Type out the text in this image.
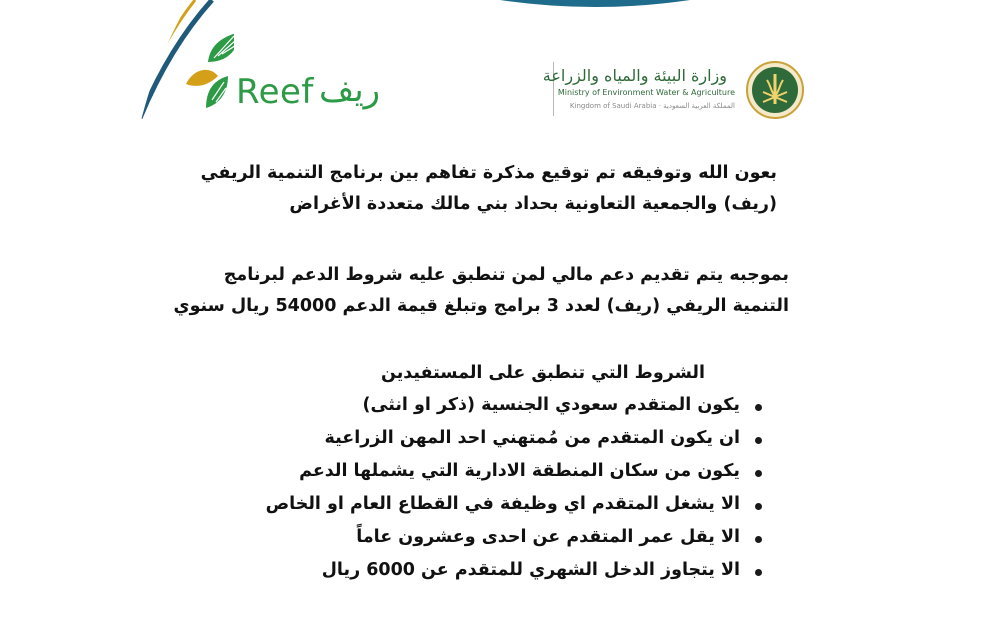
Reef ريف	وزارة البيئة والمياه والزراعة
Ministry of Environment Water & Agriculture
Kingdom of Saudi Arabia · المملكة العربية السعودية
بعون الله وتوفيقه تم توقيع مذكرة تفاهم بين برنامج التنمية الريفي
(ريف) والجمعية التعاونية بحداد بني مالك متعددة الأغراض
بموجبه يتم تقديم دعم مالي لمن تنطبق عليه شروط الدعم لبرنامج
التنمية الريفي (ريف) لعدد 3 برامج وتبلغ قيمة الدعم 54000 ريال سنوي
الشروط التي تنطبق على المستفيدين
يكون المتقدم سعودي الجنسية (ذكر او انثى)
ان يكون المتقدم من مُمتهني احد المهن الزراعية
يكون من سكان المنطقة الادارية التي يشملها الدعم
الا يشغل المتقدم اي وظيفة في القطاع العام او الخاص
الا يقل عمر المتقدم عن احدى وعشرون عاماً
الا يتجاوز الدخل الشهري للمتقدم عن 6000 ريال
